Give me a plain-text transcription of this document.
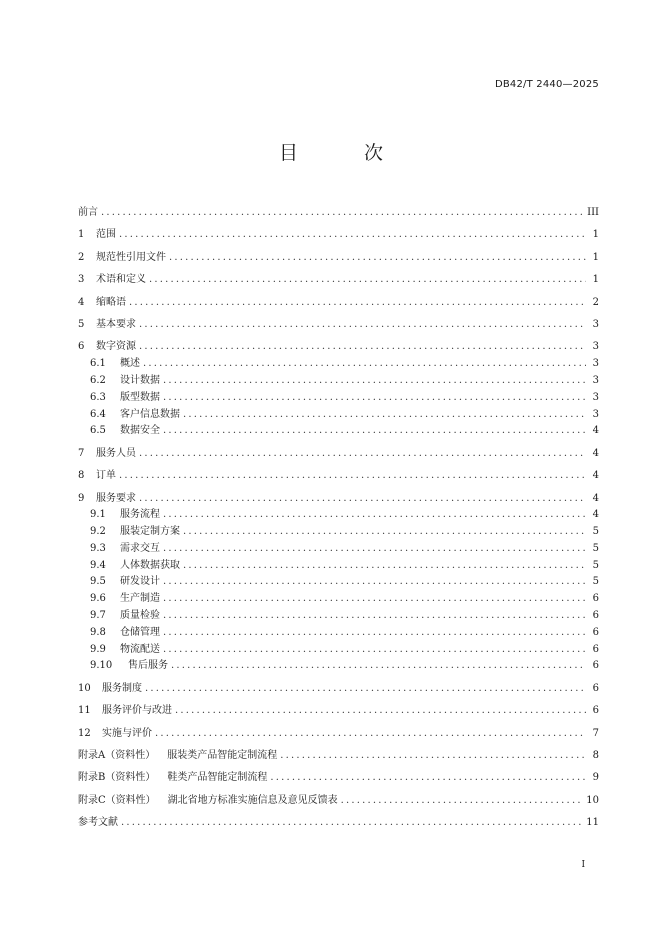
DB42/T 2440—2025
目 次
前言 .....	III
1	范围 .....	1
2	规范性引用文件 .....	1
3	术语和定义 .....	1
4	缩略语 .....	2
5	基本要求 .....	3
6	数字资源 .....	3
6.1	概述 .....	3
6.2	设计数据 .....	3
6.3	版型数据 .....	3
6.4	客户信息数据 .....	3
6.5	数据安全 .....	4
7	服务人员 .....	4
8	订单 .....	4
9	服务要求 .....	4
9.1	服务流程 .....	4
9.2	服装定制方案 .....	5
9.3	需求交互 .....	5
9.4	人体数据获取 .....	5
9.5	研发设计 .....	5
9.6	生产制造 .....	6
9.7	质量检验 .....	6
9.8	仓储管理 .....	6
9.9	物流配送 .....	6
9.10	售后服务 .....	6
10	服务制度 .....	6
11	服务评价与改进 .....	6
12	实施与评价 .....	7
附录A（资料性） 服装类产品智能定制流程 .....	8
附录B（资料性） 鞋类产品智能定制流程 .....	9
附录C（资料性） 湖北省地方标准实施信息及意见反馈表 .....	10
参考文献 .....	11
I
